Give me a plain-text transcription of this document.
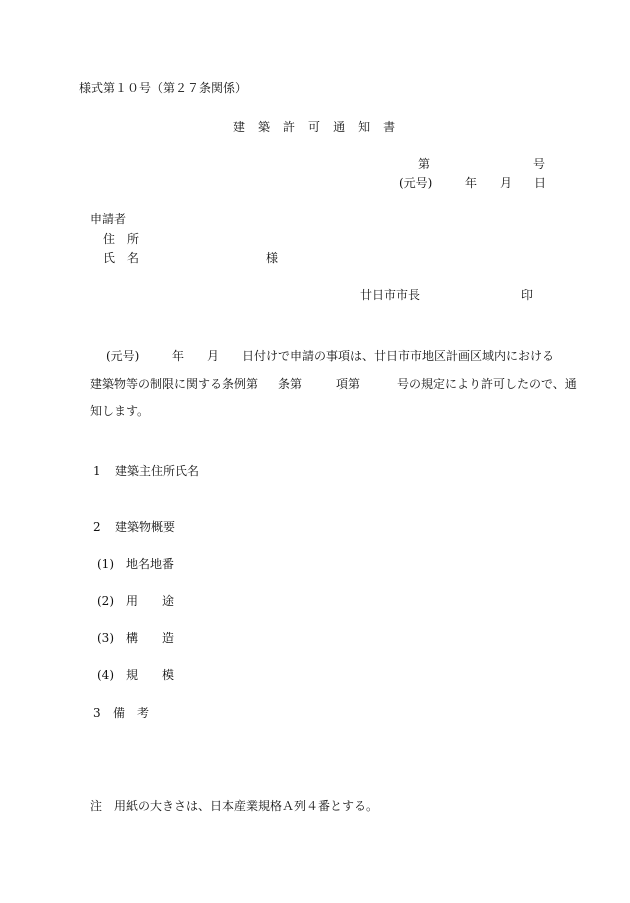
様式第１０号（第２７条関係）
建 築 許 可 通 知 書
第	号
(元号)	年 月 日
申請者
住　所
氏　名	様
廿日市市長	印
(元号)	年 月 日付けで申請の事項は、廿日市市地区計画区域内における
建築物等の制限に関する条例第 条第	項第	号の規定により許可したので、通
知します。
1 建築主住所氏名
2 建築物概要
(1) 地名地番
(2) 用　　途
(3) 構　　造
(4) 規　　模
3 備　考
注　用紙の大きさは、日本産業規格Ａ列４番とする。
